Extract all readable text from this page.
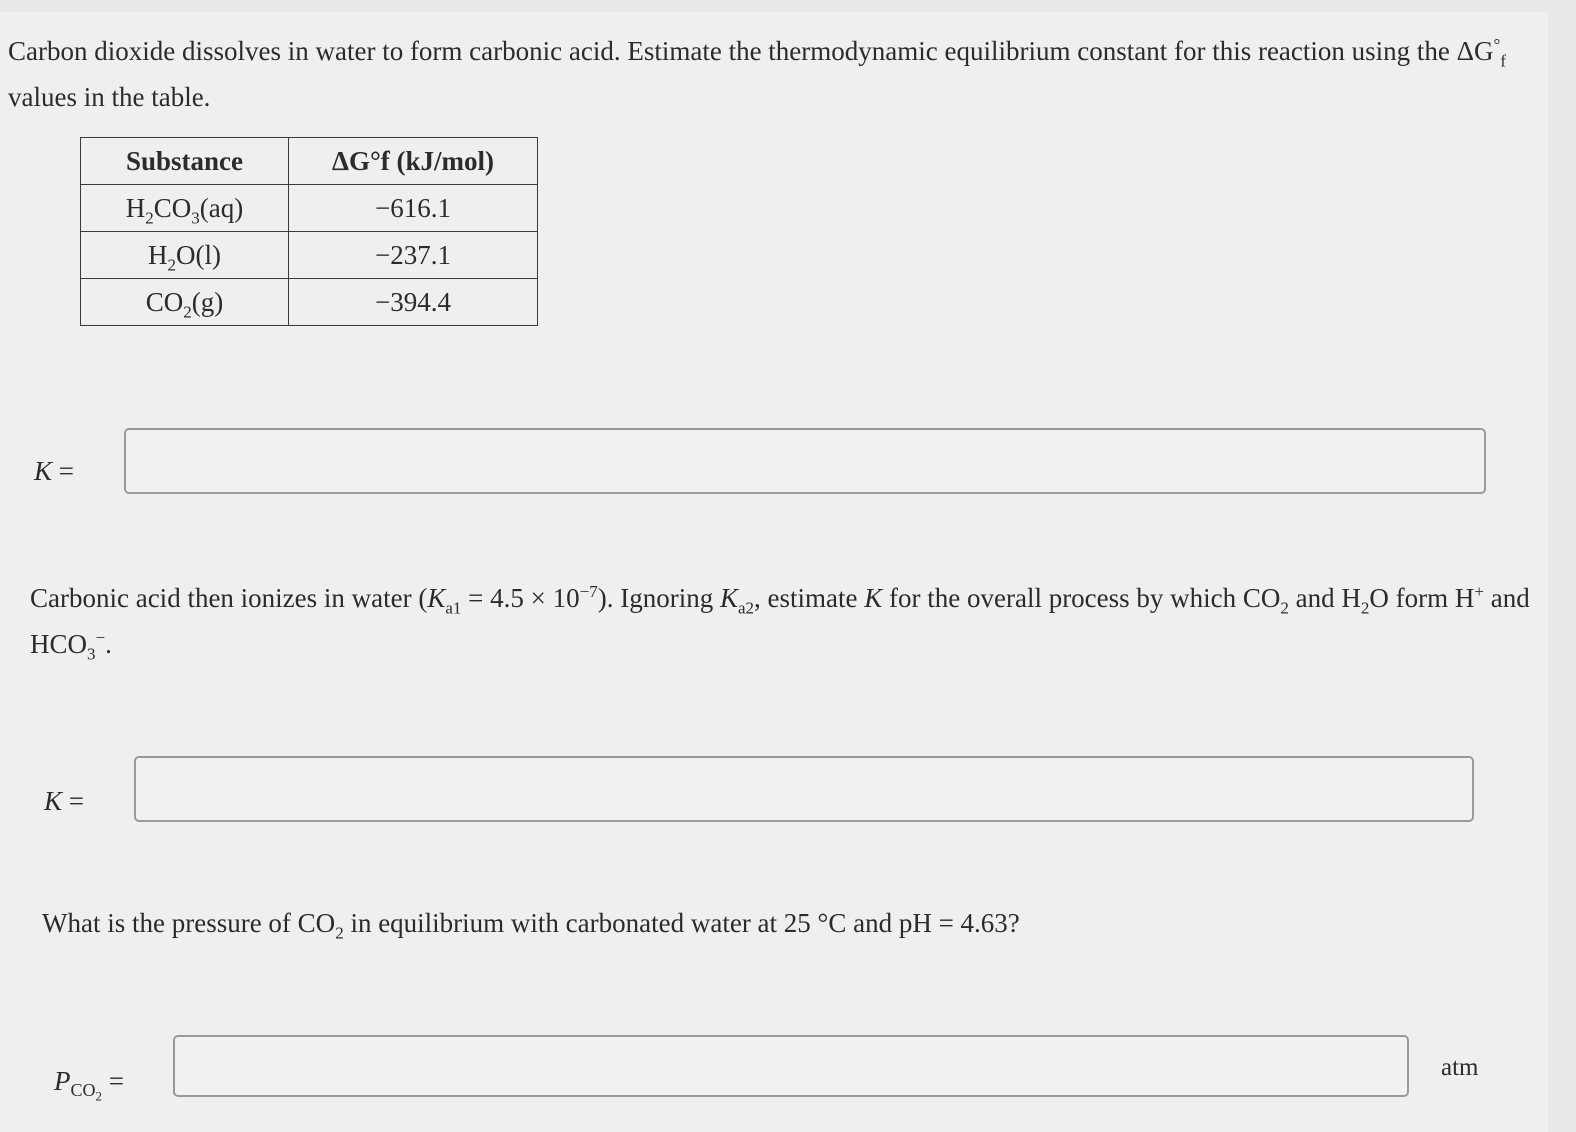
Carbon dioxide dissolves in water to form carbonic acid. Estimate the thermodynamic equilibrium constant for this reaction using the $\Delta G^\circ_f$ values in the table.

Substance	ΔG°f (kJ/mol)
$H_2CO_3(aq)$	−616.1
$H_2O(l)$	−237.1
$CO_2(g)$	−394.4
K =

Carbonic acid then ionizes in water $(K_{a1} = 4.5 \times 10^{-7})$. Ignoring $K_{a2}$, estimate K for the overall process by which $CO_2$ and $H_2O$ form H+ and $HCO_3^-$.

K =

What is the pressure of $CO_2$ in equilibrium with carbonated water at 25 °C and pH = 4.63?

$P_{CO_2}$ =	atm
